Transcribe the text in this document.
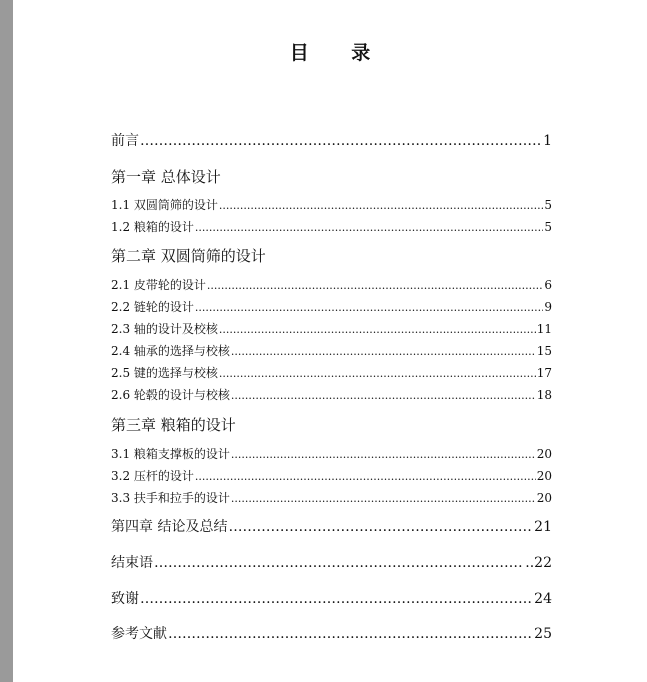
目 录
前言 …………………………………………………………………………………………………………………………………………………………………………………………	1
第一章 总体设计
1.1 双圆筒筛的设计 .....	5
1.2 粮箱的设计 .....	5
第二章 双圆筒筛的设计
2.1 皮带轮的设计 .....	6
2.2 链轮的设计 .....	9
2.3 轴的设计及校核 .....	11
2.4 轴承的选择与校核 .....	15
2.5 键的选择与校核 .....	17
2.6 轮毂的设计与校核 .....	18
第三章 粮箱的设计
3.1 粮箱支撑板的设计 .....	20
3.2 压杆的设计 .....	20
3.3 扶手和拉手的设计 .....	20
第四章 结论及总结 …………………………………………………………………………………………………………………………………………………………………………………………	21
结束语 …………………………………………………………………………………………………………………………………………………………………………………………	..22
致谢 …………………………………………………………………………………………………………………………………………………………………………………………	24
参考文献 …………………………………………………………………………………………………………………………………………………………………………………………	25
